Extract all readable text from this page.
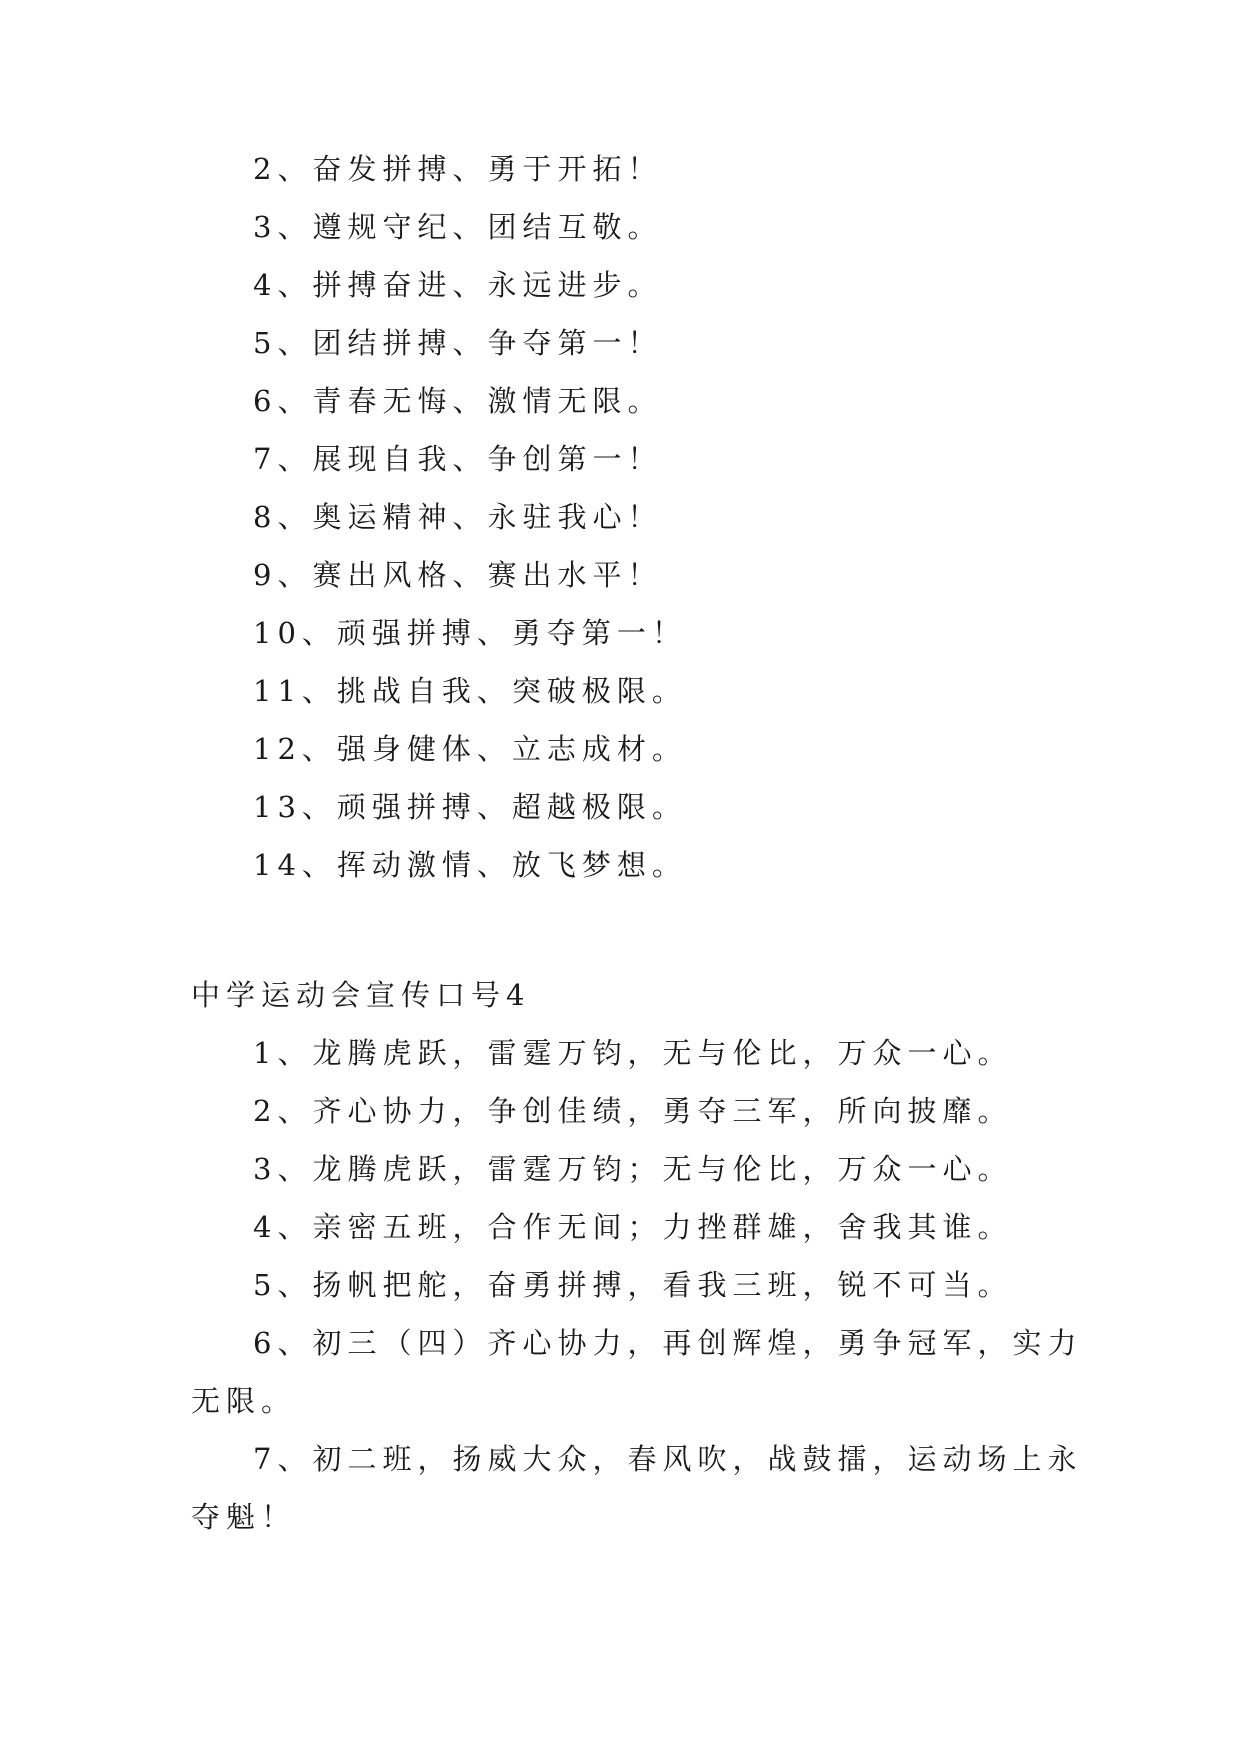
2、奋发拼搏、勇于开拓！
3、遵规守纪、团结互敬。
4、拼搏奋进、永远进步。
5、团结拼搏、争夺第一！
6、青春无悔、激情无限。
7、展现自我、争创第一！
8、奥运精神、永驻我心！
9、赛出风格、赛出水平！
10、顽强拼搏、勇夺第一！
11、挑战自我、突破极限。
12、强身健体、立志成材。
13、顽强拼搏、超越极限。
14、挥动激情、放飞梦想。
中学运动会宣传口号4
1、龙腾虎跃，雷霆万钧，无与伦比，万众一心。
2、齐心协力，争创佳绩，勇夺三军，所向披靡。
3、龙腾虎跃，雷霆万钧；无与伦比，万众一心。
4、亲密五班，合作无间；力挫群雄，舍我其谁。
5、扬帆把舵，奋勇拼搏，看我三班，锐不可当。
6、初三（四）齐心协力，再创辉煌，勇争冠军，实力
无限。
7、初二班，扬威大众，春风吹，战鼓擂，运动场上永
夺魁！
